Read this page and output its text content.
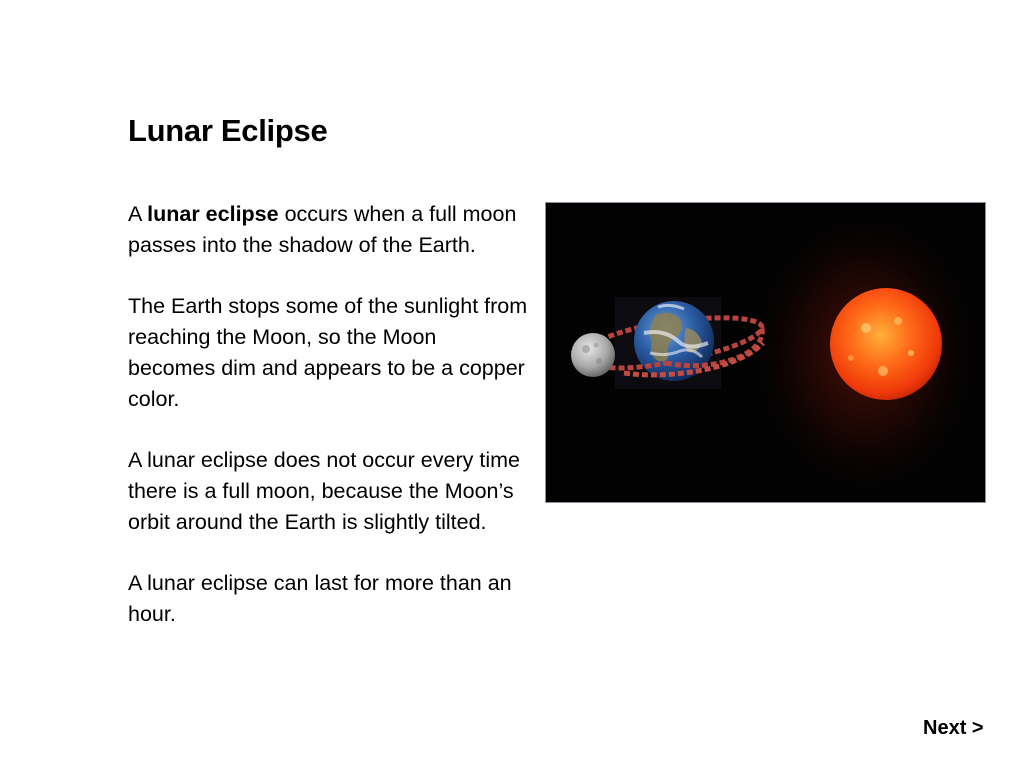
Lunar Eclipse

A lunar eclipse occurs when a full moon passes into the shadow of the Earth.

The Earth stops some of the sunlight from reaching the Moon, so the Moon becomes dim and appears to be a copper color.

A lunar eclipse does not occur every time there is a full moon, because the Moon’s orbit around the Earth is slightly tilted.

A lunar eclipse can last for more than an hour.

Next >
